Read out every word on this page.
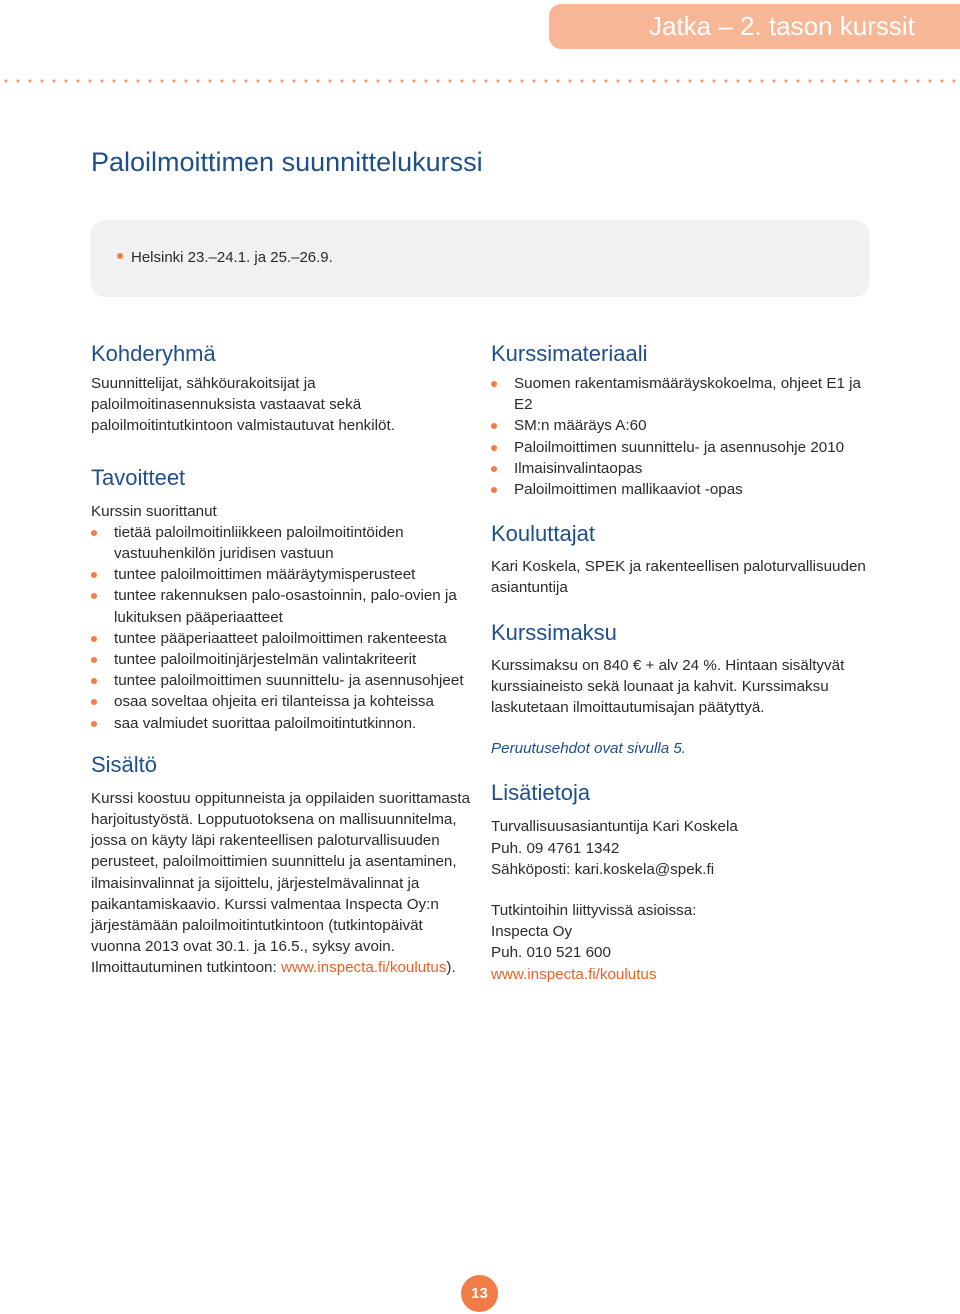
Jatka – 2. tason kurssit
Paloilmoittimen suunnittelukurssi
Helsinki 23.–24.1. ja 25.–26.9.
Kohderyhmä

Suunnittelijat, sähköurakoitsijat ja paloilmoitinasennuksista vastaavat sekä paloilmoitintutkintoon valmistautuvat henkilöt.

Tavoitteet

Kurssin suorittanut

tietää paloilmoitinliikkeen paloilmoitintöiden vastuuhenkilön juridisen vastuun
tuntee paloilmoittimen määräytymisperusteet
tuntee rakennuksen palo-osastoinnin, palo-ovien ja lukituksen pääperiaatteet
tuntee pääperiaatteet paloilmoittimen rakenteesta
tuntee paloilmoitinjärjestelmän valintakriteerit
tuntee paloilmoittimen suunnittelu- ja asennusohjeet
osaa soveltaa ohjeita eri tilanteissa ja kohteissa
saa valmiudet suorittaa paloilmoitintutkinnon.
Sisältö

Kurssi koostuu oppitunneista ja oppilaiden suorittamasta harjoitustyöstä. Lopputuotoksena on mallisuunnitelma, jossa on käyty läpi rakenteellisen paloturvallisuuden perusteet, paloilmoittimien suunnittelu ja asentaminen, ilmaisinvalinnat ja sijoittelu, järjestelmävalinnat ja paikantamiskaavio. Kurssi valmentaa Inspecta Oy:n järjestämään paloilmoitintutkintoon (tutkintopäivät vuonna 2013 ovat 30.1. ja 16.5., syksy avoin. Ilmoittautuminen tutkintoon: www.inspecta.fi/koulutus).

Kurssimateriaali
Suomen rakentamismääräyskokoelma, ohjeet E1 ja E2
SM:n määräys A:60
Paloilmoittimen suunnittelu- ja asennusohje 2010
Ilmaisinvalintaopas
Paloilmoittimen mallikaaviot -opas
Kouluttajat

Kari Koskela, SPEK ja rakenteellisen paloturvallisuuden asiantuntija

Kurssimaksu

Kurssimaksu on 840 € + alv 24 %. Hintaan sisältyvät kurssiaineisto sekä lounaat ja kahvit. Kurssimaksu laskutetaan ilmoittautumisajan päätyttyä.

Peruutusehdot ovat sivulla 5.

Lisätietoja

Turvallisuusasiantuntija Kari Koskela

Puh. 09 4761 1342

Sähköposti: kari.koskela@spek.fi

Tutkintoihin liittyvissä asioissa:

Inspecta Oy

Puh. 010 521 600

www.inspecta.fi/koulutus

13
